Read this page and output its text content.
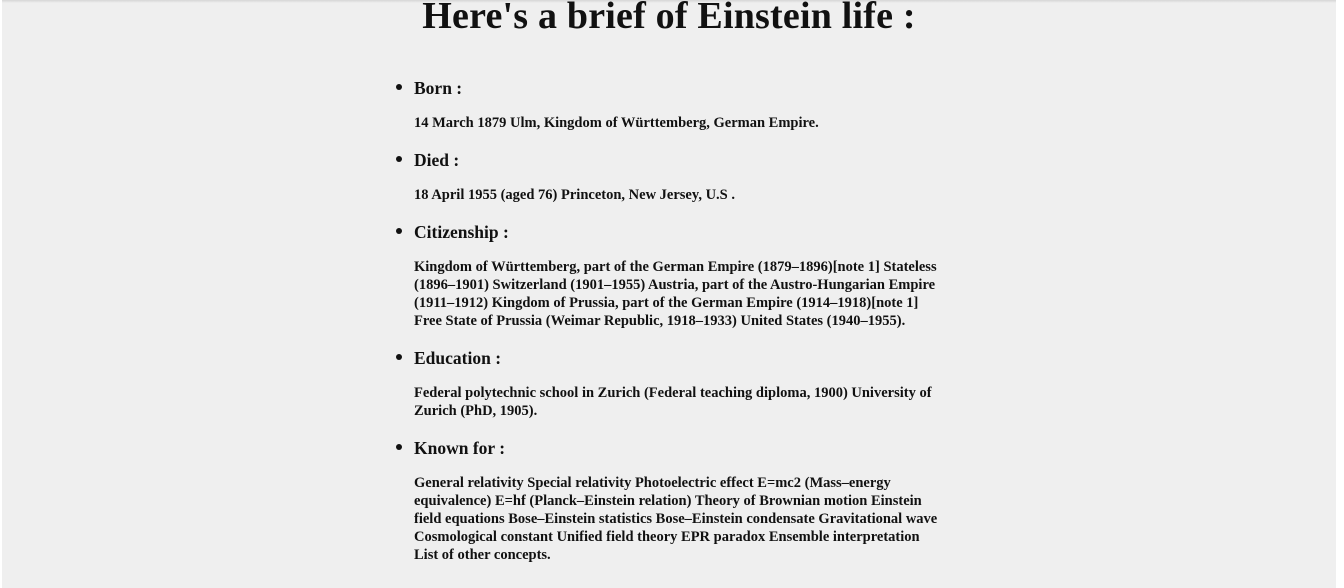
Here's a brief of Einstein life :
Born :

14 March 1879 Ulm, Kingdom of Württemberg, German Empire.

Died :

18 April 1955 (aged 76) Princeton, New Jersey, U.S .

Citizenship :

Kingdom of Württemberg, part of the German Empire (1879–1896)[note 1] Stateless (1896–1901) Switzerland (1901–1955) Austria, part of the Austro-Hungarian Empire (1911–1912) Kingdom of Prussia, part of the German Empire (1914–1918)[note 1] Free State of Prussia (Weimar Republic, 1918–1933) United States (1940–1955).

Education :

Federal polytechnic school in Zurich (Federal teaching diploma, 1900) University of Zurich (PhD, 1905).

Known for :

General relativity Special relativity Photoelectric effect E=mc2 (Mass–energy equivalence) E=hf (Planck–Einstein relation) Theory of Brownian motion Einstein field equations Bose–Einstein statistics Bose–Einstein condensate Gravitational wave Cosmological constant Unified field theory EPR paradox Ensemble interpretation List of other concepts.
